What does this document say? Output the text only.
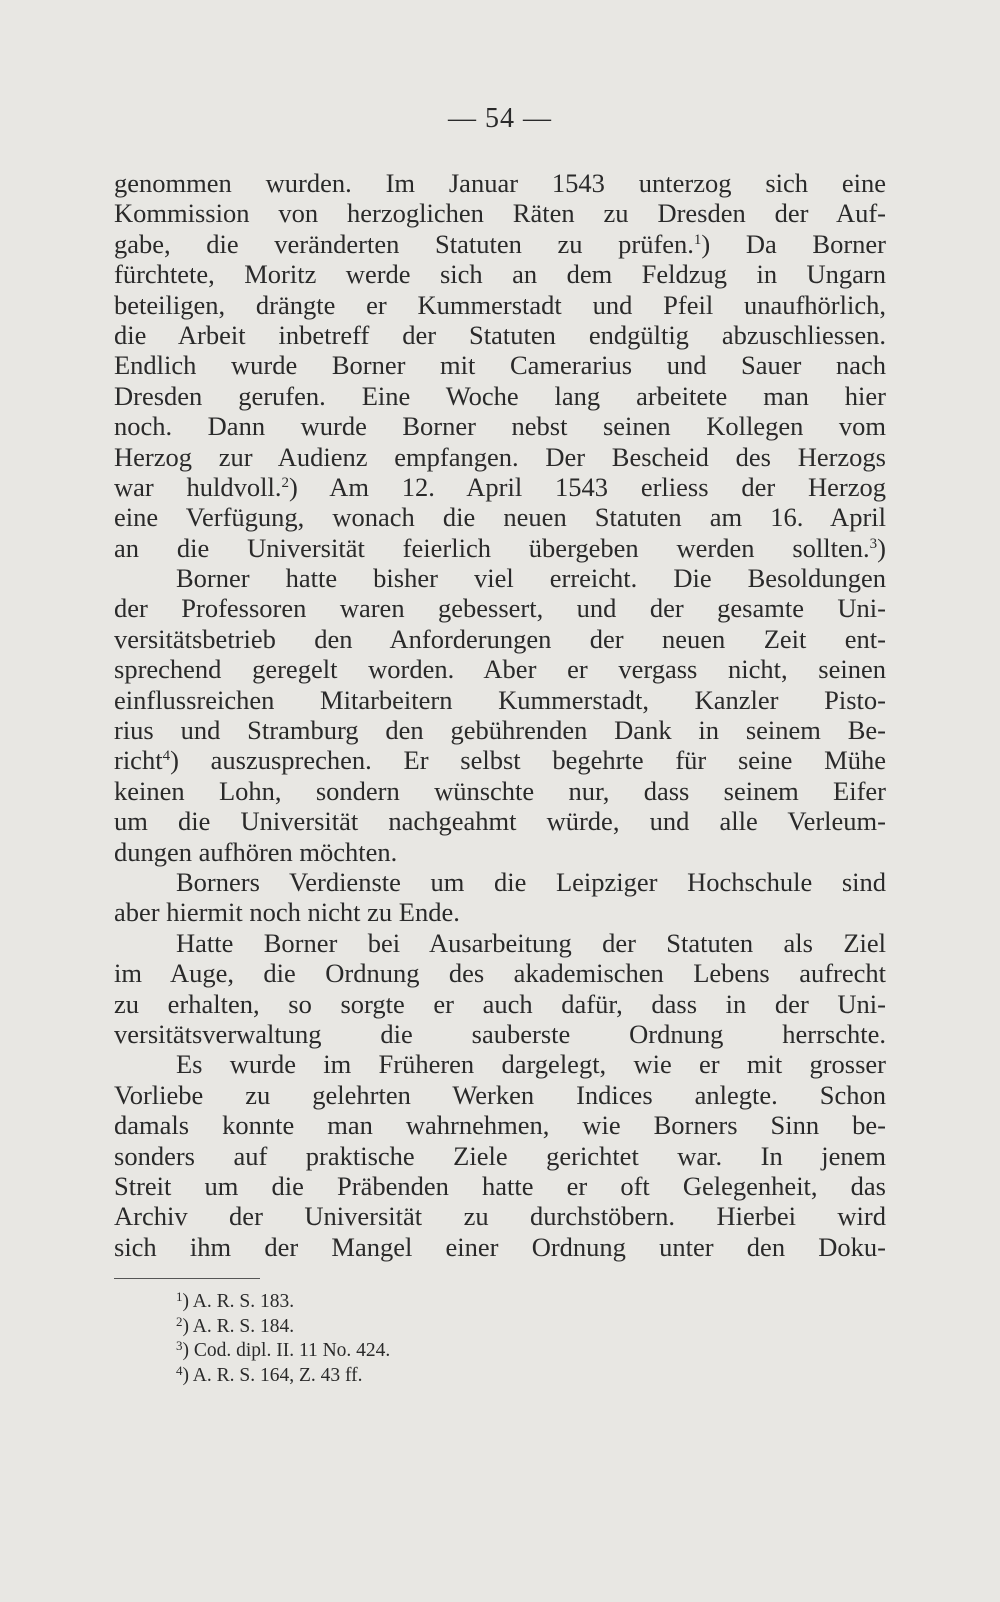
— 54 —
genommen wurden. Im Januar 1543 unterzog sich eine
Kommission von herzoglichen Räten zu Dresden der Auf-
gabe, die veränderten Statuten zu prüfen.$^1$) Da Borner
fürchtete, Moritz werde sich an dem Feldzug in Ungarn
beteiligen, drängte er Kummerstadt und Pfeil unaufhörlich,
die Arbeit inbetreff der Statuten endgültig abzuschliessen.
Endlich wurde Borner mit Camerarius und Sauer nach
Dresden gerufen. Eine Woche lang arbeitete man hier
noch. Dann wurde Borner nebst seinen Kollegen vom
Herzog zur Audienz empfangen. Der Bescheid des Herzogs
war huldvoll.$^2$) Am 12. April 1543 erliess der Herzog
eine Verfügung, wonach die neuen Statuten am 16. April
an die Universität feierlich übergeben werden sollten.$^3$)
Borner hatte bisher viel erreicht. Die Besoldungen
der Professoren waren gebessert, und der gesamte Uni-
versitätsbetrieb den Anforderungen der neuen Zeit ent-
sprechend geregelt worden. Aber er vergass nicht, seinen
einflussreichen Mitarbeitern Kummerstadt, Kanzler Pisto-
rius und Stramburg den gebührenden Dank in seinem Be-
richt$^4$) auszusprechen. Er selbst begehrte für seine Mühe
keinen Lohn, sondern wünschte nur, dass seinem Eifer
um die Universität nachgeahmt würde, und alle Verleum-
dungen aufhören möchten.
Borners Verdienste um die Leipziger Hochschule sind
aber hiermit noch nicht zu Ende.
Hatte Borner bei Ausarbeitung der Statuten als Ziel
im Auge, die Ordnung des akademischen Lebens aufrecht
zu erhalten, so sorgte er auch dafür, dass in der Uni-
versitätsverwaltung die sauberste Ordnung herrschte.
Es wurde im Früheren dargelegt, wie er mit grosser
Vorliebe zu gelehrten Werken Indices anlegte. Schon
damals konnte man wahrnehmen, wie Borners Sinn be-
sonders auf praktische Ziele gerichtet war. In jenem
Streit um die Präbenden hatte er oft Gelegenheit, das
Archiv der Universität zu durchstöbern. Hierbei wird
sich ihm der Mangel einer Ordnung unter den Doku-
$^1$) A. R. S. 183.
$^2$) A. R. S. 184.
$^3$) Cod. dipl. II. 11 No. 424.
$^4$) A. R. S. 164, Z. 43 ff.
